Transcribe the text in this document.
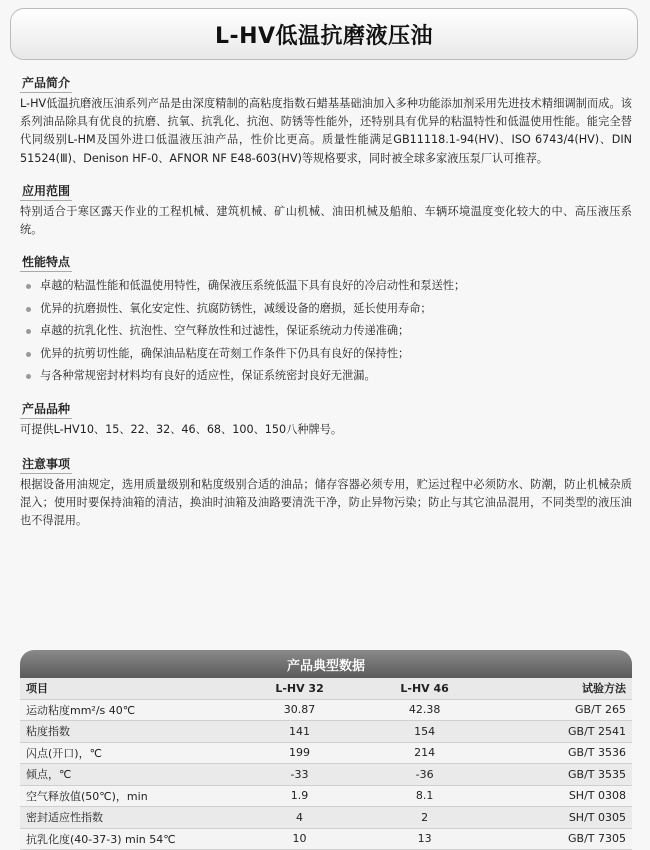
L-HV低温抗磨液压油
产品简介

L-HV低温抗磨液压油系列产品是由深度精制的高粘度指数石蜡基基础油加入多种功能添加剂采用先进技术精细调制而成。该系列油品除具有优良的抗磨、抗氧、抗乳化、抗泡、防锈等性能外，还特别具有优异的粘温特性和低温使用性能。能完全替代同级别L-HM及国外进口低温液压油产品，性价比更高。质量性能满足GB11118.1-94(HV)、ISO 6743/4(HV)、DIN 51524(Ⅲ)、Denison HF-0、AFNOR NF E48-603(HV)等规格要求，同时被全球多家液压泵厂认可推荐。

应用范围

特别适合于寒区露天作业的工程机械、建筑机械、矿山机械、油田机械及船舶、车辆环境温度变化较大的中、高压液压系统。

性能特点
卓越的粘温性能和低温使用特性，确保液压系统低温下具有良好的冷启动性和泵送性；
优异的抗磨损性、氧化安定性、抗腐防锈性，减缓设备的磨损，延长使用寿命；
卓越的抗乳化性、抗泡性、空气释放性和过滤性，保证系统动力传递准确；
优异的抗剪切性能，确保油品粘度在苛刻工作条件下仍具有良好的保持性；
与各种常规密封材料均有良好的适应性，保证系统密封良好无泄漏。
产品品种

可提供L-HV10、15、22、32、46、68、100、150八种牌号。

注意事项

根据设备用油规定，选用质量级别和粘度级别合适的油品；储存容器必须专用，贮运过程中必须防水、防潮，防止机械杂质混入；使用时要保持油箱的清洁，换油时油箱及油路要清洗干净，防止异物污染；防止与其它油品混用，不同类型的液压油也不得混用。

产品典型数据
项目	L-HV 32	L-HV 46	试验方法
运动粘度mm²/s 40℃	30.87	42.38	GB/T 265
粘度指数	141	154	GB/T 2541
闪点(开口)，℃	199	214	GB/T 3536
倾点，℃	-33	-36	GB/T 3535
空气释放值(50℃)，min	1.9	8.1	SH/T 0308
密封适应性指数	4	2	SH/T 0305
抗乳化度(40-37-3) min 54℃	10	13	GB/T 7305
